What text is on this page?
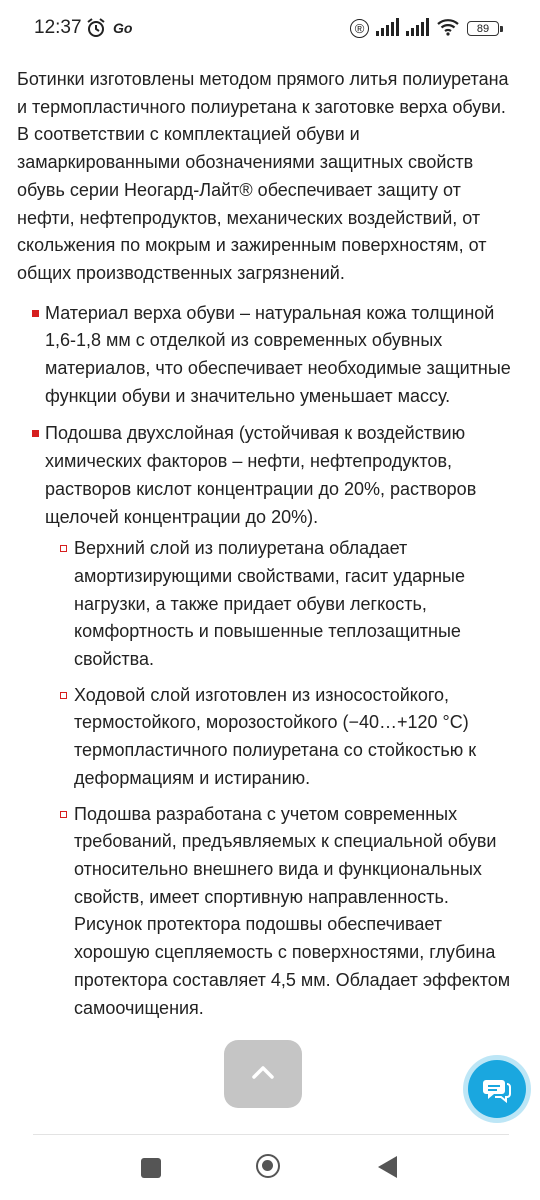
12:37 Go	®	89

Ботинки изготовлены методом прямого литья полиуретана и термопластичного полиуретана к заготовке верха обуви. В соответствии с комплектацией обуви и замаркированными обозначениями защитных свойств обувь серии Неогард-Лайт® обеспечивает защиту от нефти, нефтепродуктов, механических воздействий, от скольжения по мокрым и зажиренным поверхностям, от общих производственных загрязнений.

Материал верха обуви – натуральная кожа толщиной 1,6-1,8 мм с отделкой из современных обувных материалов, что обеспечивает необходимые защитные функции обуви и значительно уменьшает массу.
Подошва двухслойная (устойчивая к воздействию химических факторов – нефти, нефтепродуктов, растворов кислот концентрации до 20%, растворов щелочей концентрации до 20%).
Верхний слой из полиуретана обладает амортизирующими свойствами, гасит ударные нагрузки, а также придает обуви легкость, комфортность и повышенные теплозащитные свойства.
Ходовой слой изготовлен из износостойкого, термостойкого, морозостойкого (−40…+120 °С) термопластичного полиуретана со стойкостью к деформациям и истиранию.
Подошва разработана с учетом современных требований, предъявляемых к специальной обуви относительно внешнего вида и функциональных свойств, имеет спортивную направленность. Рисунок протектора подошвы обеспечивает хорошую сцепляемость с поверхностями, глубина протектора составляет 4,5 мм. Обладает эффектом самоочищения.
